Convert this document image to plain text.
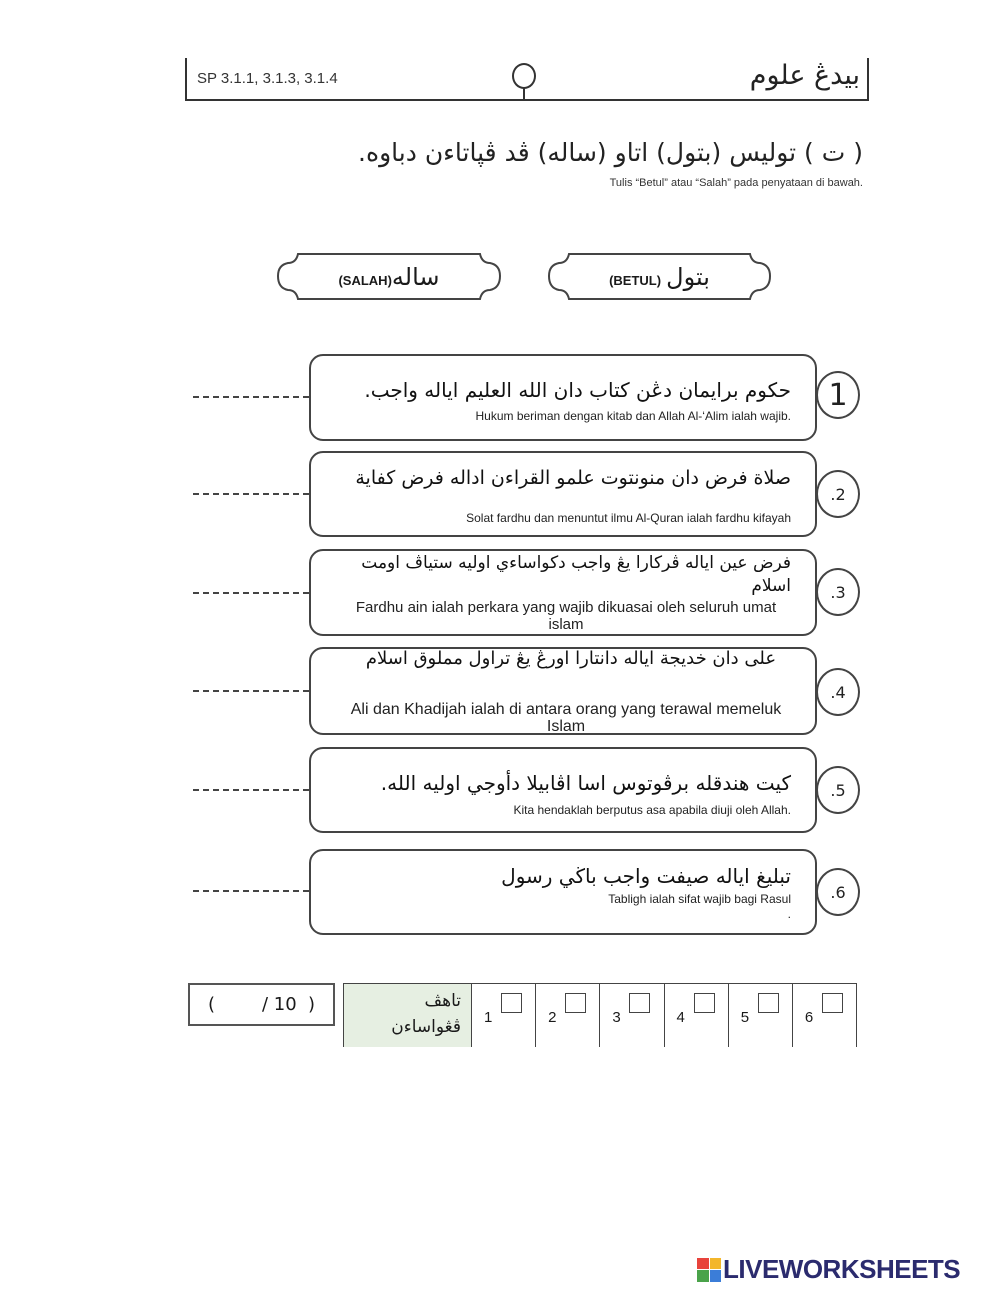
SP 3.1.1, 3.1.3, 3.1.4	بيدڠ علوم
( ت ) توليس (بتول) اتاو (ساله) ڤد ڤپاتاءن دباوه.
Tulis “Betul” atau “Salah” pada penyataan di bawah.
(SALAH)ساله	(BETUL) بتول
حکوم برايمان دڠن کتاب دان الله العليم اياله واجب.
Hukum beriman dengan kitab dan Allah Al-‘Alim ialah wajib.
1
صلاة فرض دان منونتوت علمو القراءن اداله فرض کفاية
Solat fardhu dan menuntut ilmu Al-Quran ialah fardhu kifayah
.2
فرض عين اياله ڤرکارا يڠ واجب دکواساءي اوليه ستياڤ اومت اسلام
Fardhu ain ialah perkara yang wajib dikuasai oleh seluruh umat islam
.3
على دان خديجة اياله دانتارا اورڠ يڠ تراول مملوق اسلام
Ali dan Khadijah ialah di antara orang yang terawal memeluk Islam
.4
کيت هندقله برڤوتوس اسا اڤابيلا دأوجي اوليه الله.
Kita hendaklah berputus asa apabila diuji oleh Allah.
.5
تبليغ اياله صيفت واجب باڬي رسول
Tabligh ialah sifat wajib bagi Rasul
.
.6
(	/ 10 )	تاهڤ
ڤڠواساءن 1	2	3	4	5	6
LIVEWORKSHEETS
